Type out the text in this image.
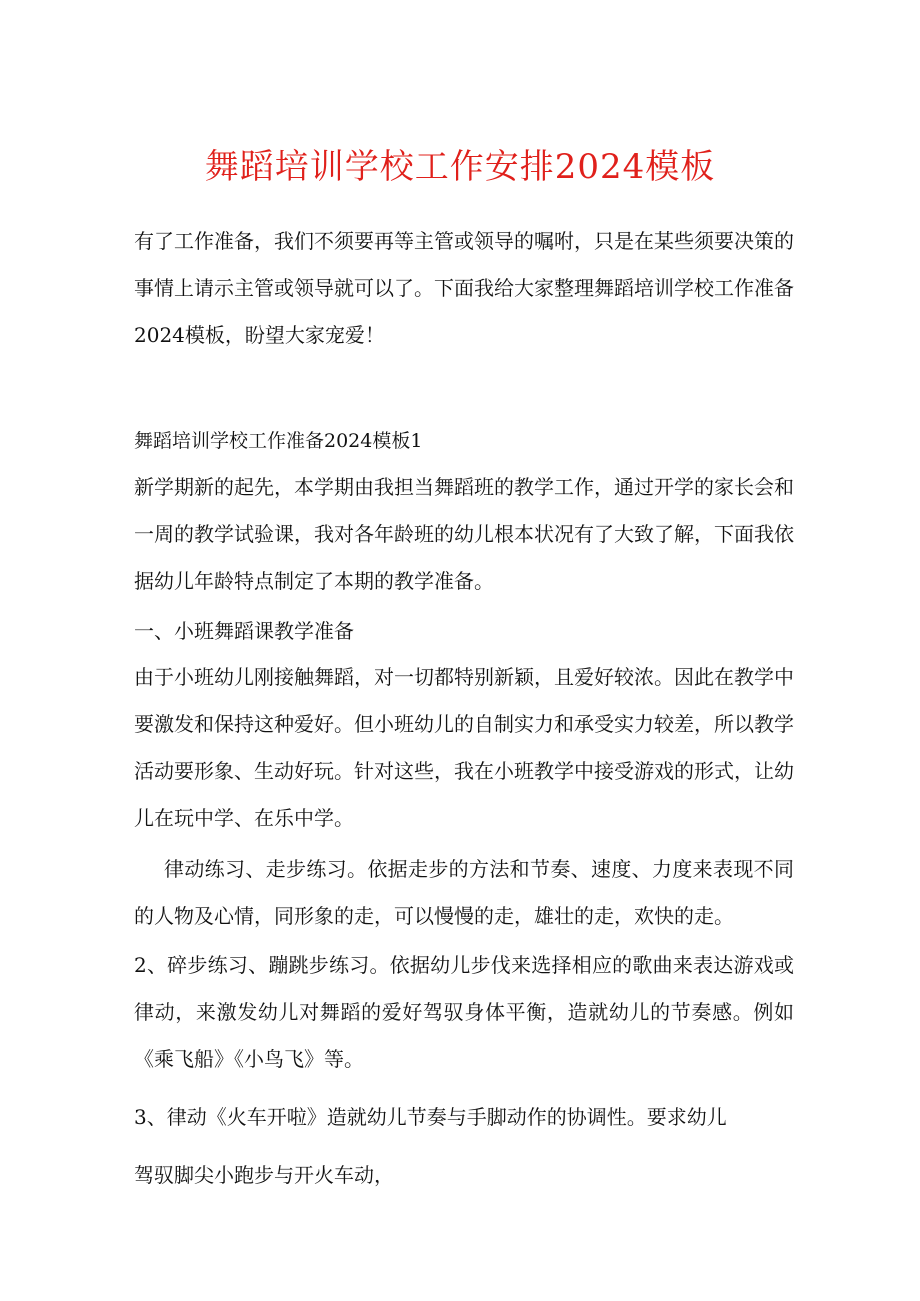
舞蹈培训学校工作安排2024模板

有了工作准备，我们不须要再等主管或领导的嘱咐，只是在某些须要决策的事情上请示主管或领导就可以了。下面我给大家整理舞蹈培训学校工作准备2024模板，盼望大家宠爱！

舞蹈培训学校工作准备2024模板1

新学期新的起先，本学期由我担当舞蹈班的教学工作，通过开学的家长会和一周的教学试验课，我对各年龄班的幼儿根本状况有了大致了解，下面我依据幼儿年龄特点制定了本期的教学准备。

一、小班舞蹈课教学准备

由于小班幼儿刚接触舞蹈，对一切都特别新颖，且爱好较浓。因此在教学中要激发和保持这种爱好。但小班幼儿的自制实力和承受实力较差，所以教学活动要形象、生动好玩。针对这些，我在小班教学中接受游戏的形式，让幼儿在玩中学、在乐中学。

律动练习、走步练习。依据走步的方法和节奏、速度、力度来表现不同的人物及心情，同形象的走，可以慢慢的走，雄壮的走，欢快的走。

2、碎步练习、蹦跳步练习。依据幼儿步伐来选择相应的歌曲来表达游戏或律动，来激发幼儿对舞蹈的爱好驾驭身体平衡，造就幼儿的节奏感。例如《乘飞船》《小鸟飞》等。

3、律动《火车开啦》造就幼儿节奏与手脚动作的协调性。要求幼儿

驾驭脚尖小跑步与开火车动，
